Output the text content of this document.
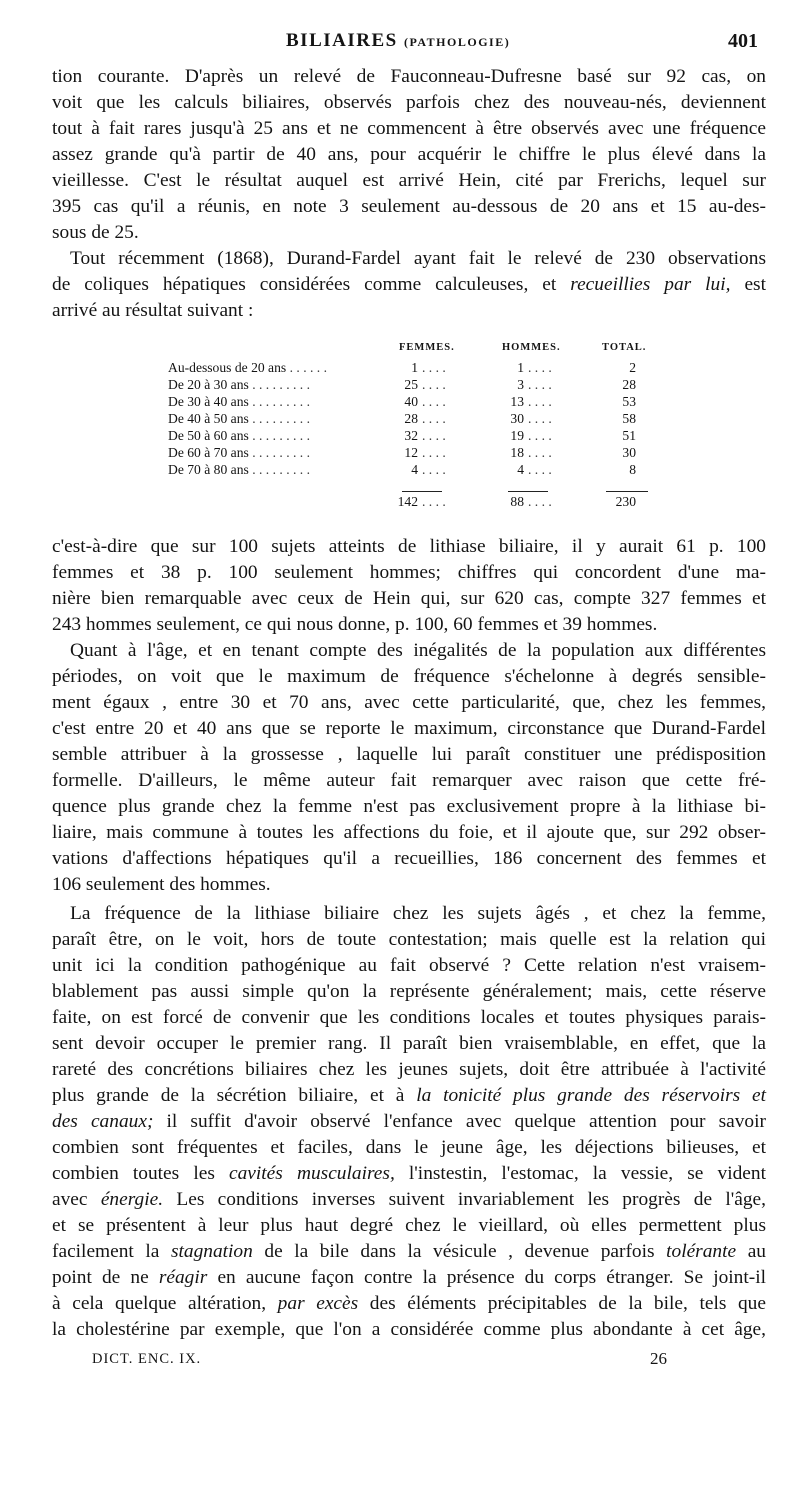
BILIAIRES (PATHOLOGIE)	401
tion courante. D'après un relevé de Fauconneau-Dufresne basé sur 92 cas, on
voit que les calculs biliaires, observés parfois chez des nouveau-nés, deviennent
tout à fait rares jusqu'à 25 ans et ne commencent à être observés avec une fréquence
assez grande qu'à partir de 40 ans, pour acquérir le chiffre le plus élevé dans la
vieillesse. C'est le résultat auquel est arrivé Hein, cité par Frerichs, lequel sur
395 cas qu'il a réunis, en note 3 seulement au-dessous de 20 ans et 15 au-des-
sous de 25.
Tout récemment (1868), Durand-Fardel ayant fait le relevé de 230 observations
de coliques hépatiques considérées comme calculeuses, et recueillies par lui, est
arrivé au résultat suivant :
FEMMES.	HOMMES.	TOTAL.
Au-dessous de 20 ans . . . . . .	1 . . . .	1 . . . .	2
De 20 à 30 ans . . . . . . . . .	25 . . . .	3 . . . .	28
De 30 à 40 ans . . . . . . . . .	40 . . . .	13 . . . .	53
De 40 à 50 ans . . . . . . . . .	28 . . . .	30 . . . .	58
De 50 à 60 ans . . . . . . . . .	32 . . . .	19 . . . .	51
De 60 à 70 ans . . . . . . . . .	12 . . . .	18 . . . .	30
De 70 à 80 ans . . . . . . . . .	4 . . . .	4 . . . .	8
142 . . . .	88 . . . .	230
c'est-à-dire que sur 100 sujets atteints de lithiase biliaire, il y aurait 61 p. 100
femmes et 38 p. 100 seulement hommes; chiffres qui concordent d'une ma-
nière bien remarquable avec ceux de Hein qui, sur 620 cas, compte 327 femmes et
243 hommes seulement, ce qui nous donne, p. 100, 60 femmes et 39 hommes.
Quant à l'âge, et en tenant compte des inégalités de la population aux différentes
périodes, on voit que le maximum de fréquence s'échelonne à degrés sensible-
ment égaux , entre 30 et 70 ans, avec cette particularité, que, chez les femmes,
c'est entre 20 et 40 ans que se reporte le maximum, circonstance que Durand-Fardel
semble attribuer à la grossesse , laquelle lui paraît constituer une prédisposition
formelle. D'ailleurs, le même auteur fait remarquer avec raison que cette fré-
quence plus grande chez la femme n'est pas exclusivement propre à la lithiase bi-
liaire, mais commune à toutes les affections du foie, et il ajoute que, sur 292 obser-
vations d'affections hépatiques qu'il a recueillies, 186 concernent des femmes et
106 seulement des hommes.
La fréquence de la lithiase biliaire chez les sujets âgés , et chez la femme,
paraît être, on le voit, hors de toute contestation; mais quelle est la relation qui
unit ici la condition pathogénique au fait observé ? Cette relation n'est vraisem-
blablement pas aussi simple qu'on la représente généralement; mais, cette réserve
faite, on est forcé de convenir que les conditions locales et toutes physiques parais-
sent devoir occuper le premier rang. Il paraît bien vraisemblable, en effet, que la
rareté des concrétions biliaires chez les jeunes sujets, doit être attribuée à l'activité
plus grande de la sécrétion biliaire, et à la tonicité plus grande des réservoirs et
des canaux; il suffit d'avoir observé l'enfance avec quelque attention pour savoir
combien sont fréquentes et faciles, dans le jeune âge, les déjections bilieuses, et
combien toutes les cavités musculaires, l'instestin, l'estomac, la vessie, se vident
avec énergie. Les conditions inverses suivent invariablement les progrès de l'âge,
et se présentent à leur plus haut degré chez le vieillard, où elles permettent plus
facilement la stagnation de la bile dans la vésicule , devenue parfois tolérante au
point de ne réagir en aucune façon contre la présence du corps étranger. Se joint-il
à cela quelque altération, par excès des éléments précipitables de la bile, tels que
la cholestérine par exemple, que l'on a considérée comme plus abondante à cet âge,
DICT. ENC. IX.	26
